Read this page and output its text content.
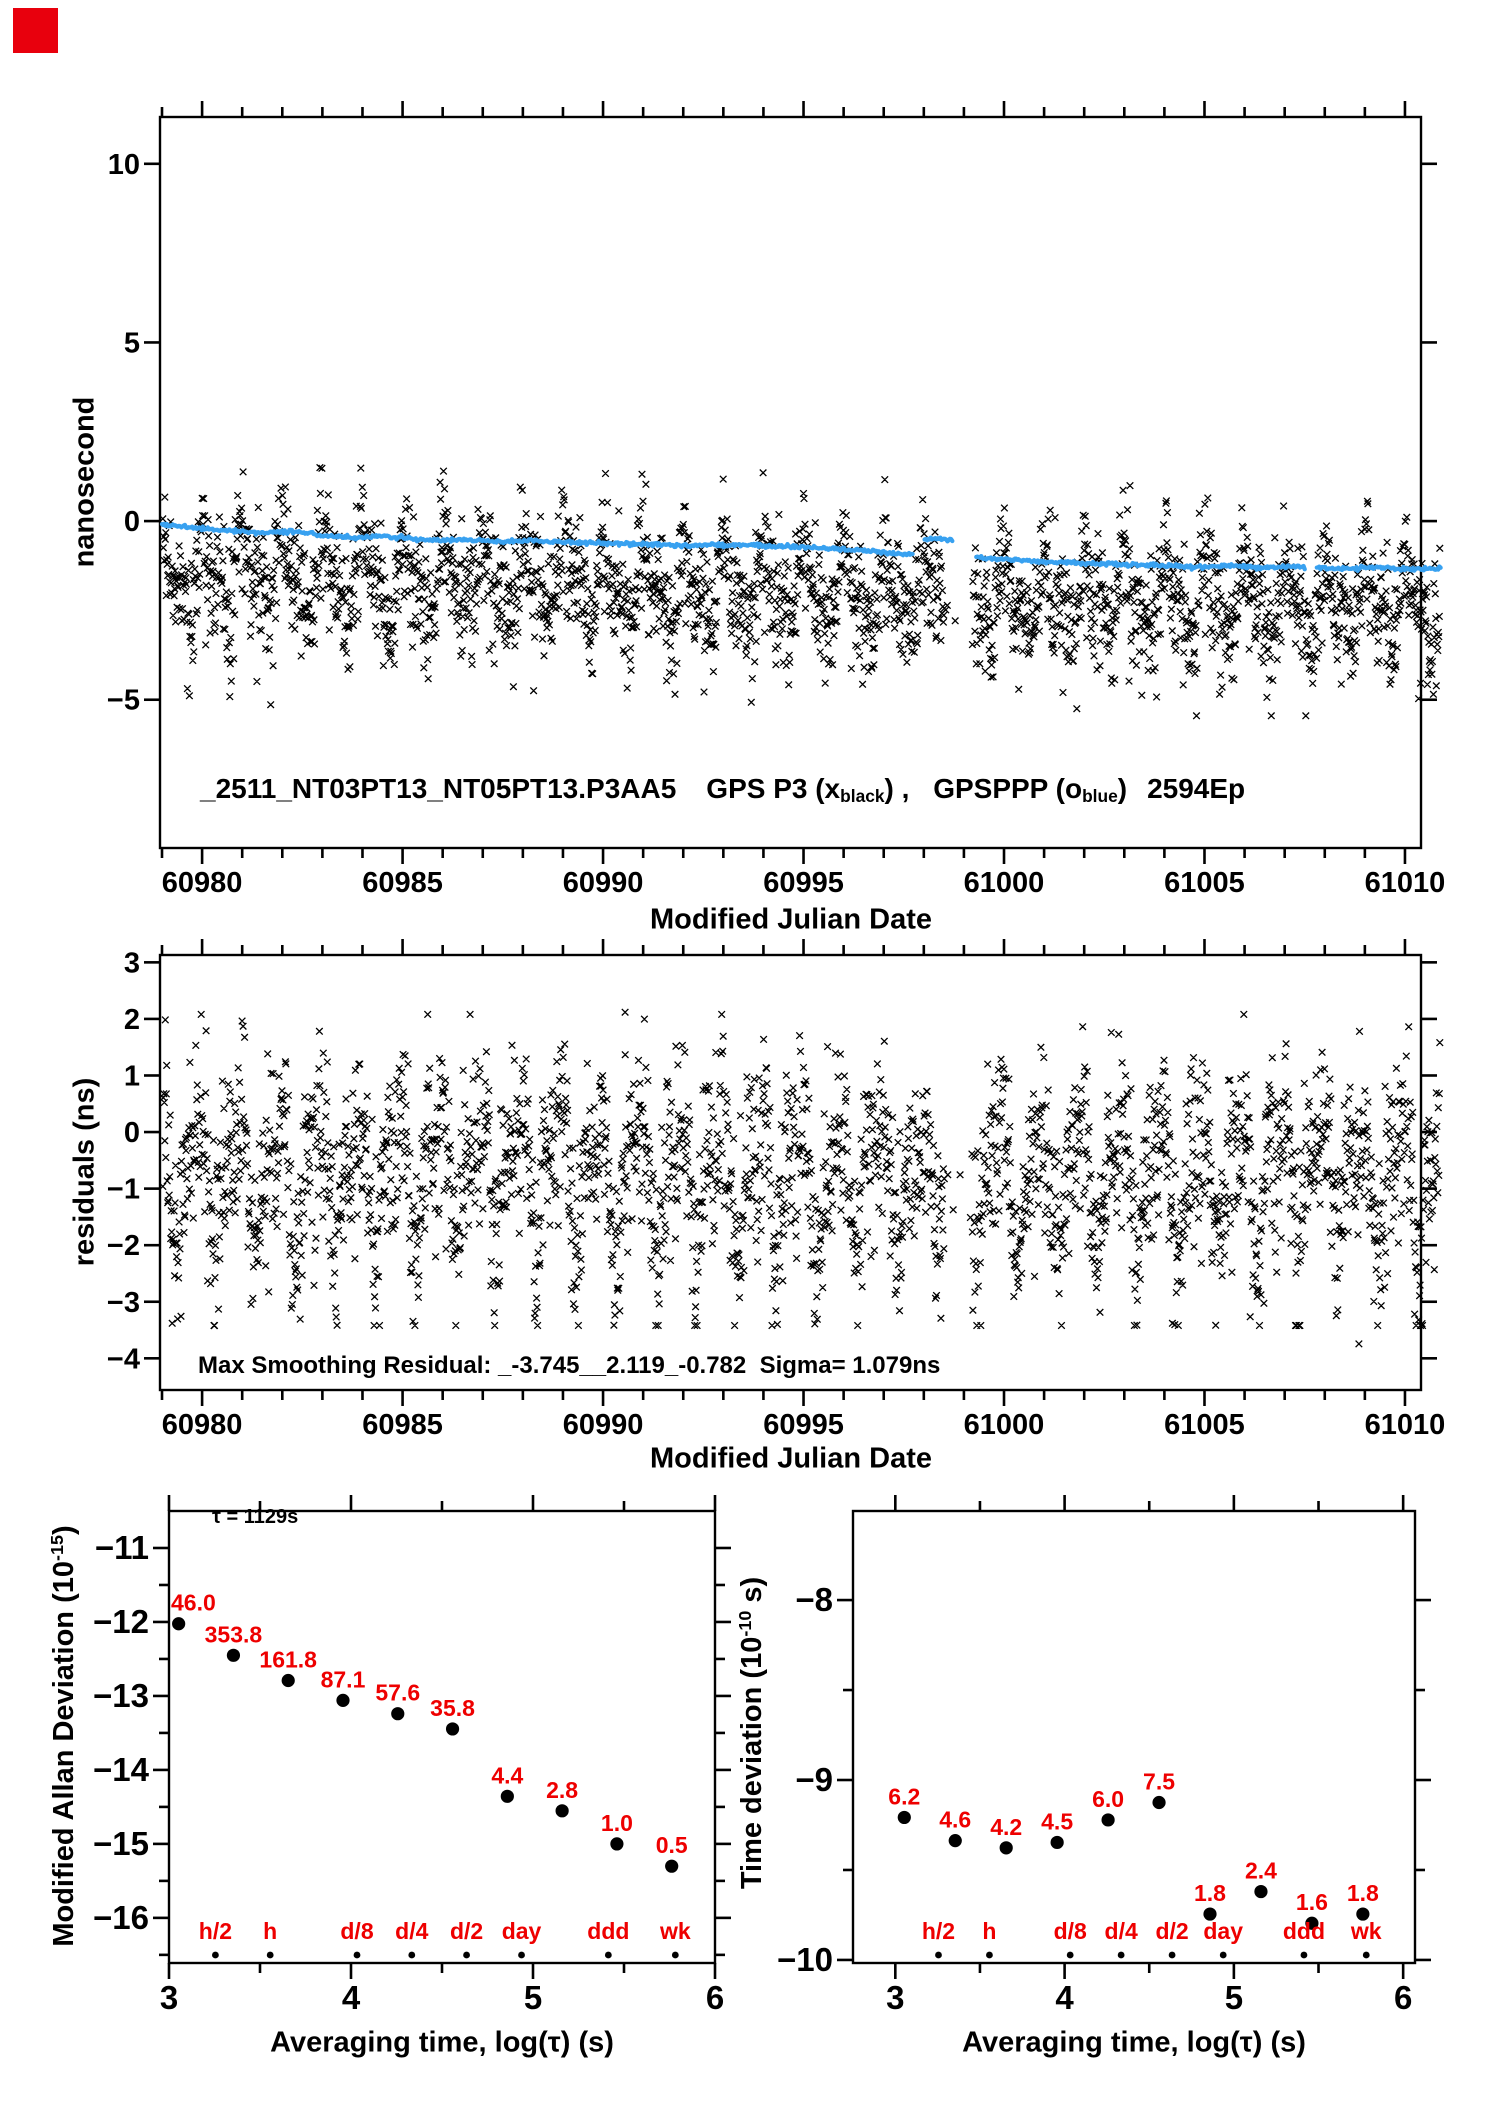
60980	60985	60990	60995	61000	61005	61010
−5
0
5
10
60980	60985	60990	60995	61000	61005	61010
3
2
1
0
−1
−2
−3
−4
3	4	5	6
−11
−12
−13
−14
−15
−16
46.0
353.8
161.8
87.1
57.6
35.8
4.4
2.8
1.0
0.5
h/2 h	d/8 d/4 d/2 day ddd wk
3	4	5	6
−8
−9
−10
6.2
4.6 4.2 4.5
6.0
7.5
1.8
2.4
1.6 1.8
h/2 h d/8 d/4 d/2 day ddd wk
nanosecond
residuals (ns)
Modified Allan Deviation $(10^{-15})$
Time deviation ($10^{-10}$ s)
Modified Julian Date
Modified Julian Date
Averaging time, log(τ) (s)	Averaging time, log(τ) (s)
_2511_NT03PT13_NT05PT13.P3AA5 GPS P3 (xblack) , GPSPPP (oblue) 2594Ep
Max Smoothing Residual: _-3.745__2.119_-0.782  Sigma= 1.079ns
τ = 1129s
